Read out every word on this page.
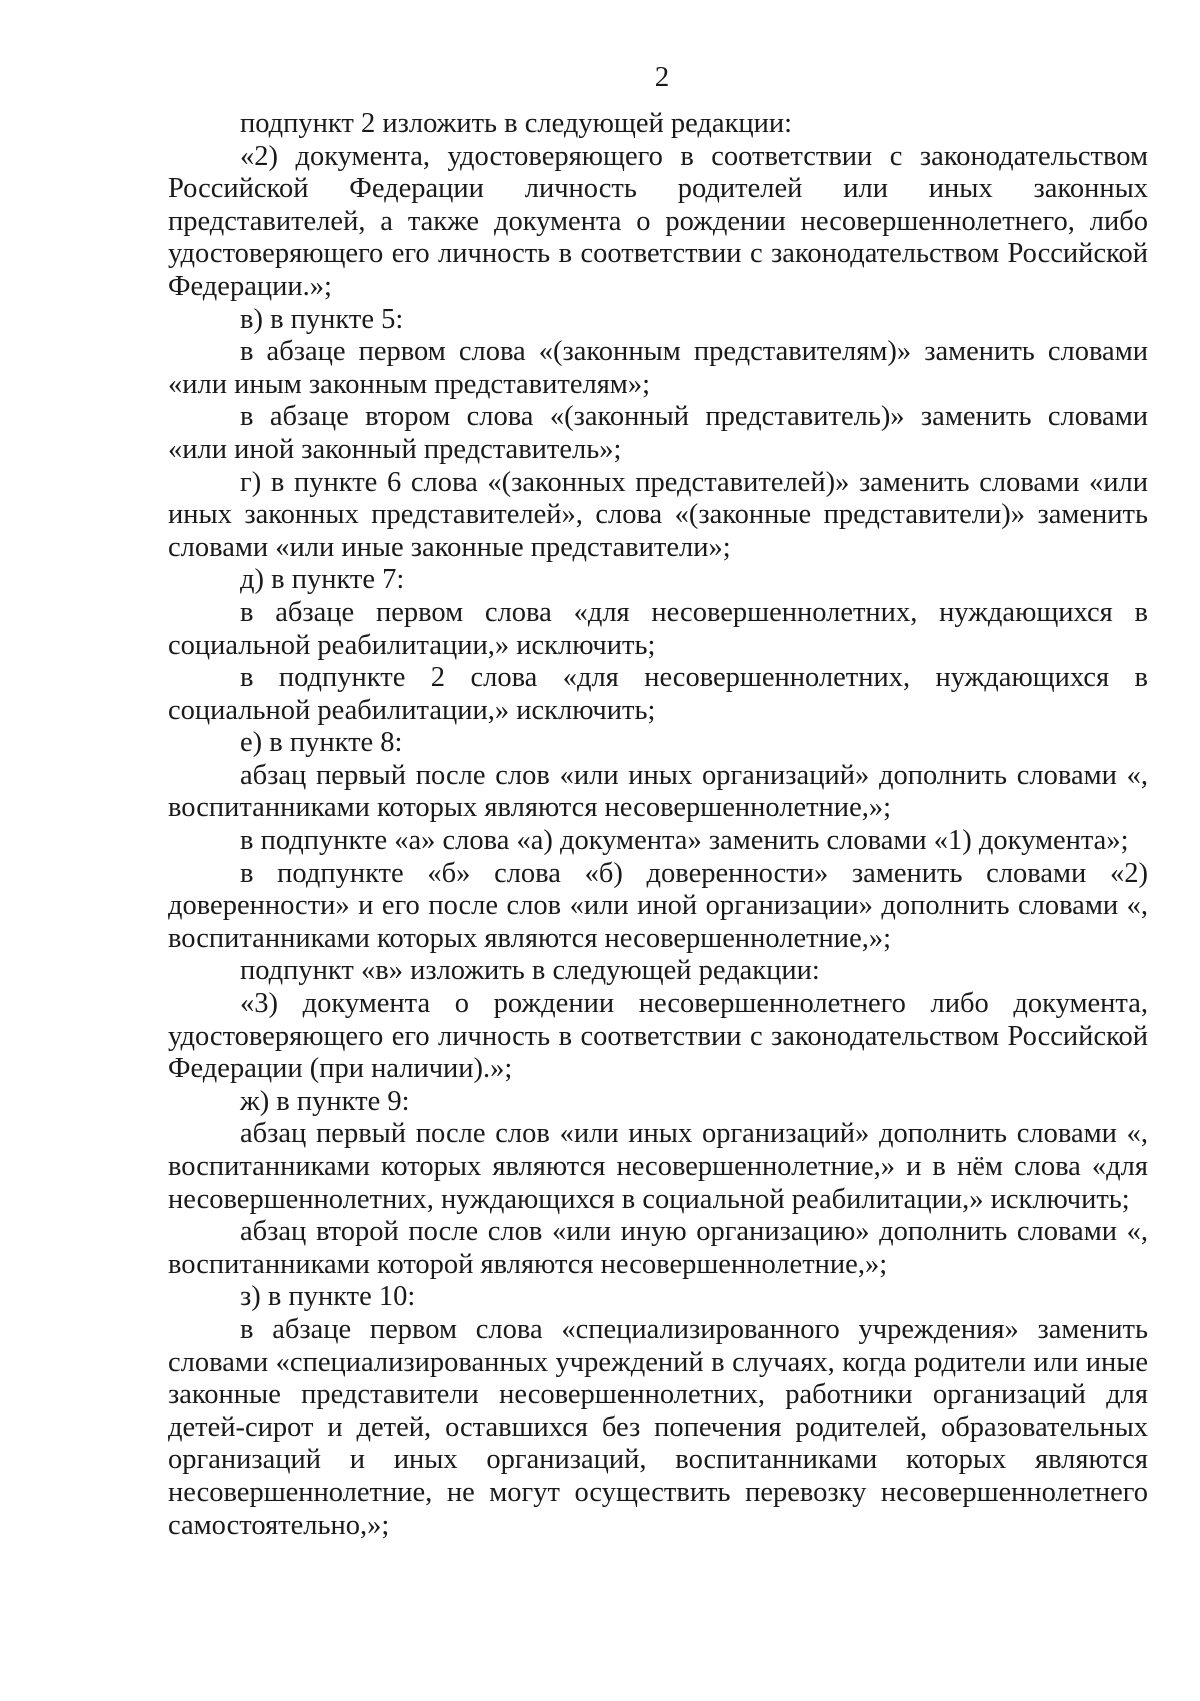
2

подпункт 2 изложить в следующей редакции:

«2) документа, удостоверяющего в соответствии с законодательством Российской Федерации личность родителей или иных законных представителей, а также документа о рождении несовершеннолетнего, либо удостоверяющего его личность в соответствии с законодательством Российской Федерации.»;

в) в пункте 5:

в абзаце первом слова «(законным представителям)» заменить словами «или иным законным представителям»;

в абзаце втором слова «(законный представитель)» заменить словами «или иной законный представитель»;

г) в пункте 6 слова «(законных представителей)» заменить словами «или иных законных представителей», слова «(законные представители)» заменить словами «или иные законные представители»;

д) в пункте 7:

в абзаце первом слова «для несовершеннолетних, нуждающихся в социальной реабилитации,» исключить;

в подпункте 2 слова «для несовершеннолетних, нуждающихся в социальной реабилитации,» исключить;

е) в пункте 8:

абзац первый после слов «или иных организаций» дополнить словами «, воспитанниками которых являются несовершеннолетние,»;

в подпункте «а» слова «а) документа» заменить словами «1) документа»;

в подпункте «б» слова «б) доверенности» заменить словами «2) доверенности» и его после слов «или иной организации» дополнить словами «, воспитанниками которых являются несовершеннолетние,»;

подпункт «в» изложить в следующей редакции:

«3) документа о рождении несовершеннолетнего либо документа, удостоверяющего его личность в соответствии с законодательством Российской Федерации (при наличии).»;

ж) в пункте 9:

абзац первый после слов «или иных организаций» дополнить словами «, воспитанниками которых являются несовершеннолетние,» и в нём слова «для несовершеннолетних, нуждающихся в социальной реабилитации,» исключить;

абзац второй после слов «или иную организацию» дополнить словами «, воспитанниками которой являются несовершеннолетние,»;

з) в пункте 10:

в абзаце первом слова «специализированного учреждения» заменить словами «специализированных учреждений в случаях, когда родители или иные законные представители несовершеннолетних, работники организаций для детей-сирот и детей, оставшихся без попечения родителей, образовательных организаций и иных организаций, воспитанниками которых являются несовершеннолетние, не могут осуществить перевозку несовершеннолетнего самостоятельно,»;
